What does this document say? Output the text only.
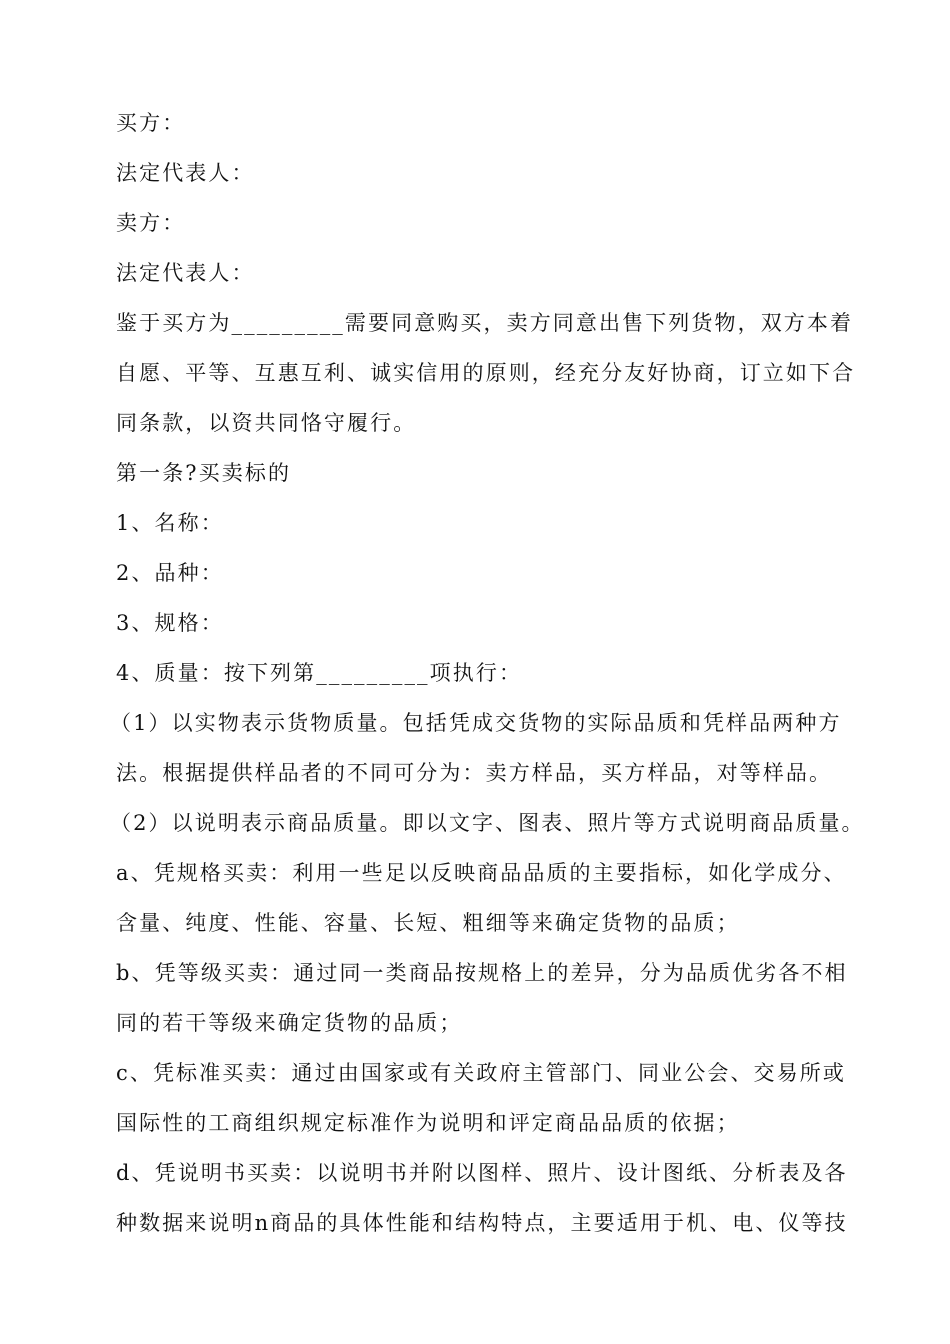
买方：
法定代表人：
卖方：
法定代表人：
鉴于买方为_________需要同意购买，卖方同意出售下列货物，双方本着
自愿、平等、互惠互利、诚实信用的原则，经充分友好协商，订立如下合
同条款，以资共同恪守履行。
第一条?买卖标的
1、名称：
2、品种：
3、规格：
4、质量：按下列第_________项执行：
（1）以实物表示货物质量。包括凭成交货物的实际品质和凭样品两种方
法。根据提供样品者的不同可分为：卖方样品，买方样品，对等样品。
（2）以说明表示商品质量。即以文字、图表、照片等方式说明商品质量。
a、凭规格买卖：利用一些足以反映商品品质的主要指标，如化学成分、
含量、纯度、性能、容量、长短、粗细等来确定货物的品质；
b、凭等级买卖：通过同一类商品按规格上的差异，分为品质优劣各不相
同的若干等级来确定货物的品质；
c、凭标准买卖：通过由国家或有关政府主管部门、同业公会、交易所或
国际性的工商组织规定标准作为说明和评定商品品质的依据；
d、凭说明书买卖：以说明书并附以图样、照片、设计图纸、分析表及各
种数据来说明n商品的具体性能和结构特点，主要适用于机、电、仪等技
